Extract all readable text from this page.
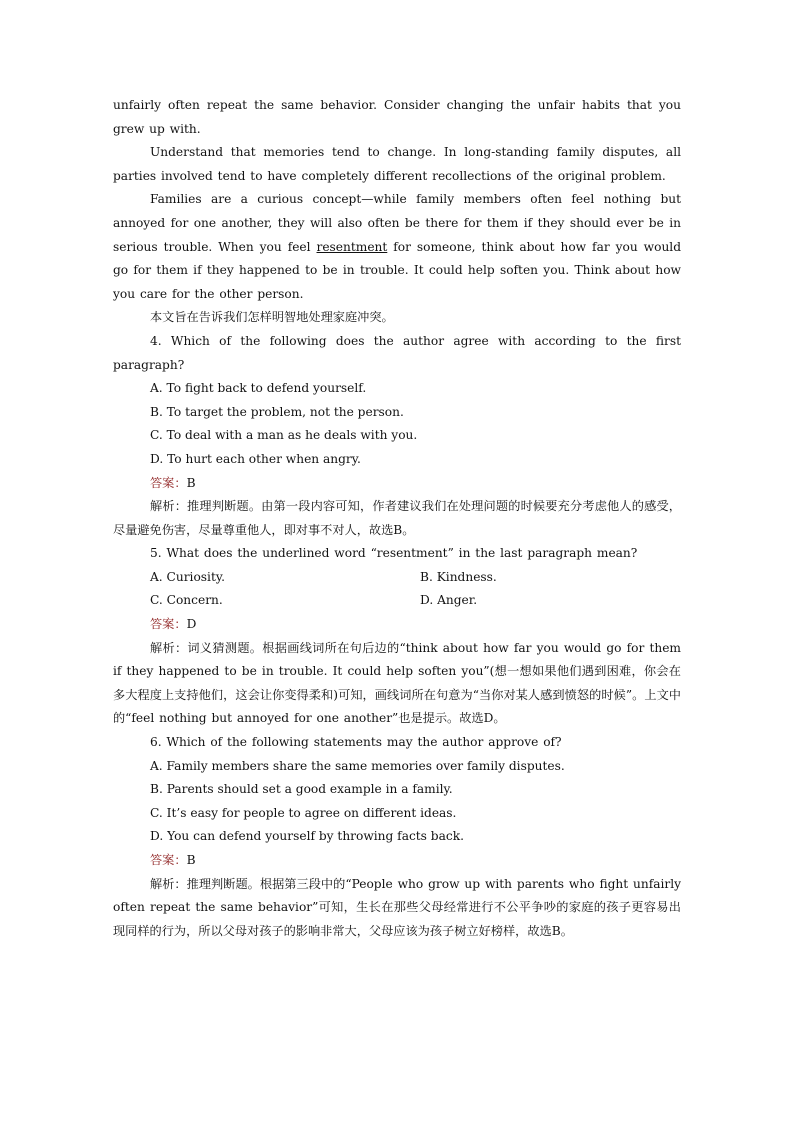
unfairly often repeat the same behavior. Consider changing the unfair habits that you grew up with.

Understand that memories tend to change. In long-standing family disputes, all parties involved tend to have completely different recollections of the original problem.

Families are a curious concept—while family members often feel nothing but annoyed for one another, they will also often be there for them if they should ever be in serious trouble. When you feel resentment for someone, think about how far you would go for them if they happened to be in trouble. It could help soften you. Think about how you care for the other person.

本文旨在告诉我们怎样明智地处理家庭冲突。

4. Which of the following does the author agree with according to the first paragraph?

A. To fight back to defend yourself.

B. To target the problem, not the person.

C. To deal with a man as he deals with you.

D. To hurt each other when angry.

答案：B

解析：推理判断题。由第一段内容可知，作者建议我们在处理问题的时候要充分考虑他人的感受，尽量避免伤害，尽量尊重他人，即对事不对人，故选B。

5. What does the underlined word “resentment” in the last paragraph mean?

A. Curiosity.	B. Kindness.
C. Concern.	D. Anger.

答案：D

解析：词义猜测题。根据画线词所在句后边的“think about how far you would go for them if they happened to be in trouble. It could help soften you”(想一想如果他们遇到困难，你会在多大程度上支持他们，这会让你变得柔和)可知，画线词所在句意为“当你对某人感到愤怒的时候”。上文中的“feel nothing but annoyed for one another”也是提示。故选D。

6. Which of the following statements may the author approve of?

A. Family members share the same memories over family disputes.

B. Parents should set a good example in a family.

C. It’s easy for people to agree on different ideas.

D. You can defend yourself by throwing facts back.

答案：B

解析：推理判断题。根据第三段中的“People who grow up with parents who fight unfairly often repeat the same behavior”可知，生长在那些父母经常进行不公平争吵的家庭的孩子更容易出现同样的行为，所以父母对孩子的影响非常大，父母应该为孩子树立好榜样，故选B。
